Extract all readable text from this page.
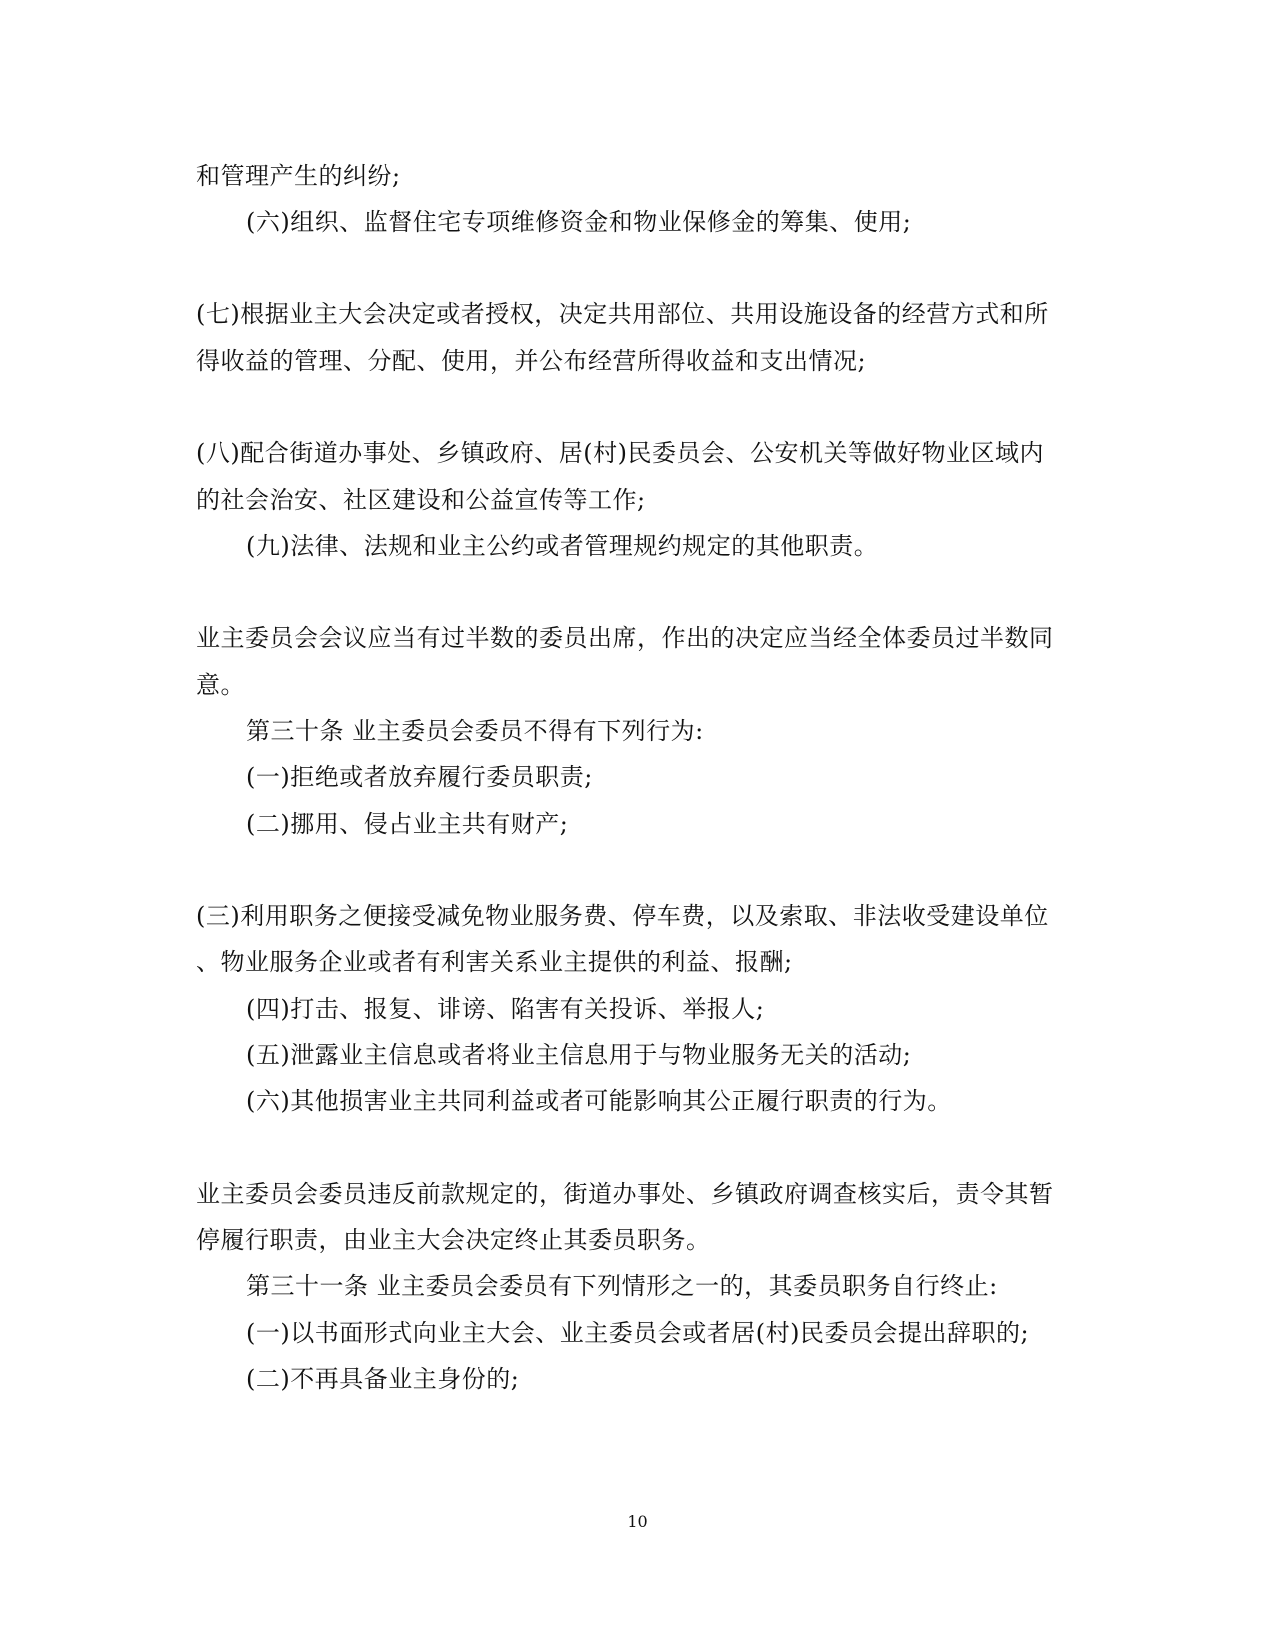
和管理产生的纠纷;
(六)组织、监督住宅专项维修资金和物业保修金的筹集、使用;
(七)根据业主大会决定或者授权，决定共用部位、共用设施设备的经营方式和所
得收益的管理、分配、使用，并公布经营所得收益和支出情况;
(八)配合街道办事处、乡镇政府、居(村)民委员会、公安机关等做好物业区域内
的社会治安、社区建设和公益宣传等工作;
(九)法律、法规和业主公约或者管理规约规定的其他职责。
业主委员会会议应当有过半数的委员出席，作出的决定应当经全体委员过半数同
意。
第三十条 业主委员会委员不得有下列行为:
(一)拒绝或者放弃履行委员职责;
(二)挪用、侵占业主共有财产;
(三)利用职务之便接受减免物业服务费、停车费，以及索取、非法收受建设单位
、物业服务企业或者有利害关系业主提供的利益、报酬;
(四)打击、报复、诽谤、陷害有关投诉、举报人;
(五)泄露业主信息或者将业主信息用于与物业服务无关的活动;
(六)其他损害业主共同利益或者可能影响其公正履行职责的行为。
业主委员会委员违反前款规定的，街道办事处、乡镇政府调查核实后，责令其暂
停履行职责，由业主大会决定终止其委员职务。
第三十一条 业主委员会委员有下列情形之一的，其委员职务自行终止:
(一)以书面形式向业主大会、业主委员会或者居(村)民委员会提出辞职的;
(二)不再具备业主身份的;
10
